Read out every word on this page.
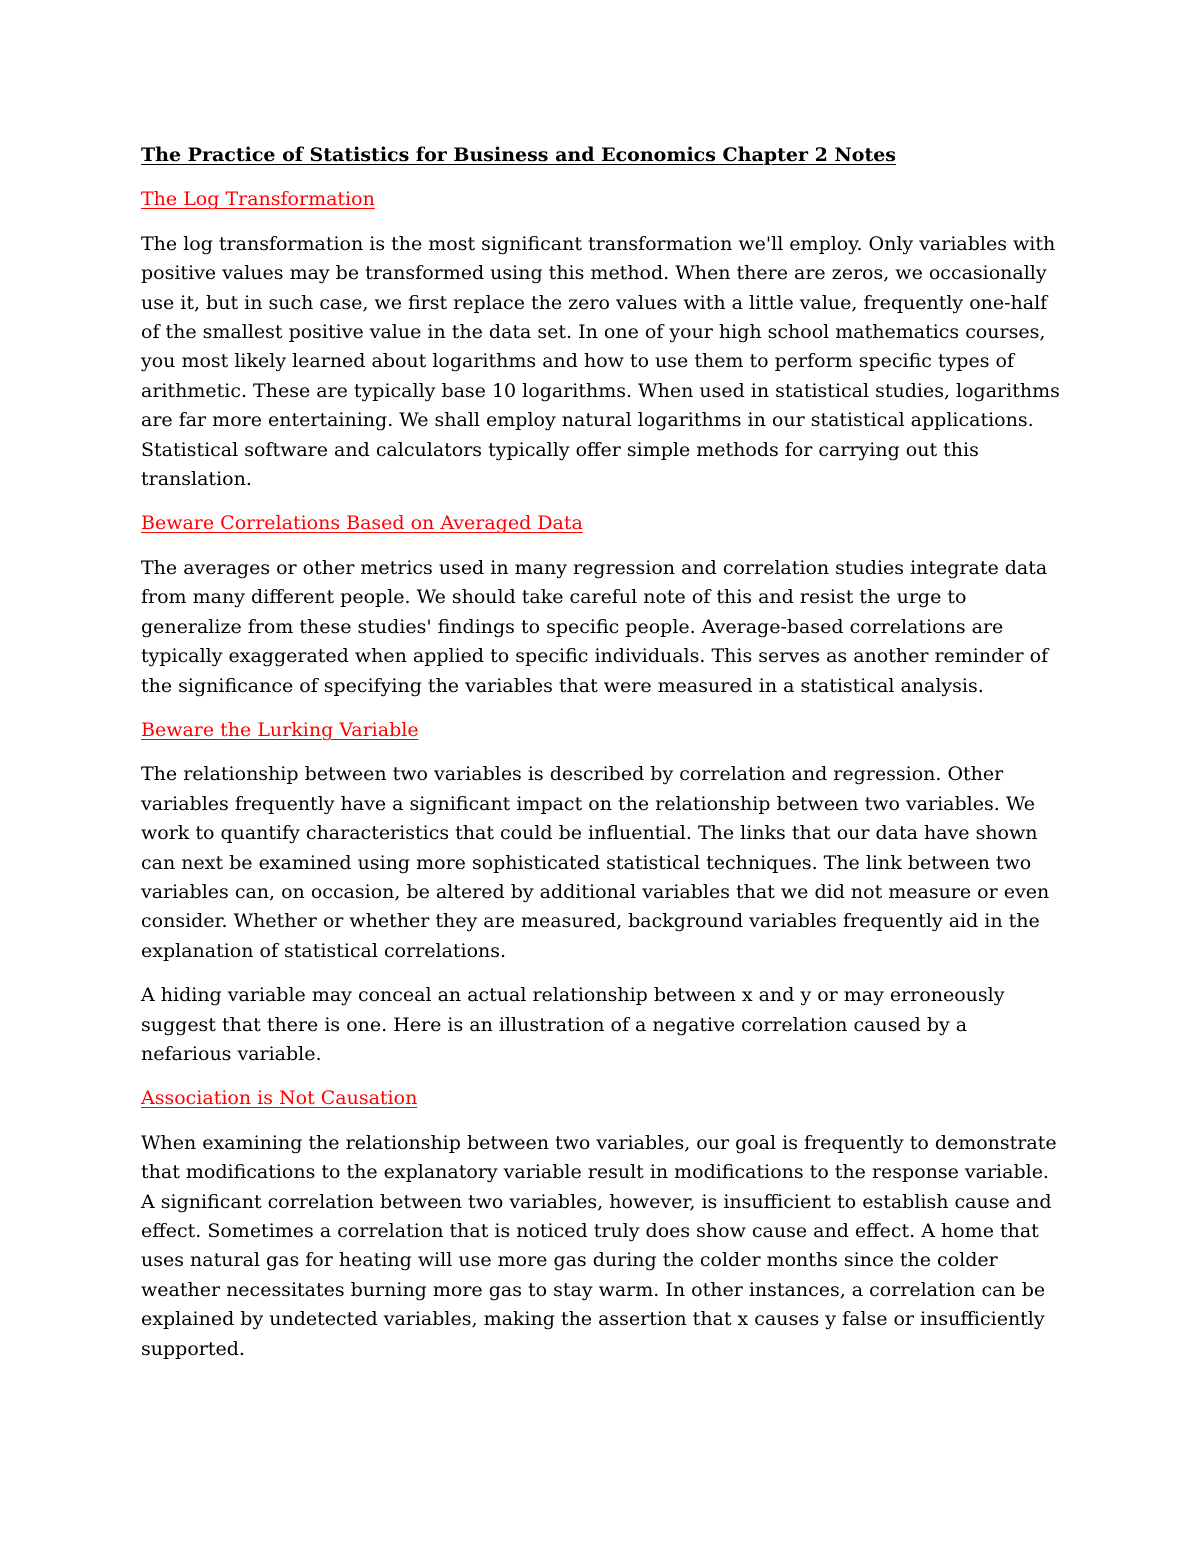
The Practice of Statistics for Business and Economics Chapter 2 Notes

The Log Transformation

The log transformation is the most significant transformation we'll employ. Only variables with positive values may be transformed using this method. When there are zeros, we occasionally use it, but in such case, we first replace the zero values with a little value, frequently one-half of the smallest positive value in the data set. In one of your high school mathematics courses, you most likely learned about logarithms and how to use them to perform specific types of arithmetic. These are typically base 10 logarithms. When used in statistical studies, logarithms are far more entertaining. We shall employ natural logarithms in our statistical applications. Statistical software and calculators typically offer simple methods for carrying out this translation.

Beware Correlations Based on Averaged Data

The averages or other metrics used in many regression and correlation studies integrate data from many different people. We should take careful note of this and resist the urge to generalize from these studies' findings to specific people. Average-based correlations are typically exaggerated when applied to specific individuals. This serves as another reminder of the significance of specifying the variables that were measured in a statistical analysis.

Beware the Lurking Variable

The relationship between two variables is described by correlation and regression. Other variables frequently have a significant impact on the relationship between two variables. We work to quantify characteristics that could be influential. The links that our data have shown can next be examined using more sophisticated statistical techniques. The link between two variables can, on occasion, be altered by additional variables that we did not measure or even consider. Whether or whether they are measured, background variables frequently aid in the explanation of statistical correlations.

A hiding variable may conceal an actual relationship between x and y or may erroneously suggest that there is one. Here is an illustration of a negative correlation caused by a nefarious variable.

Association is Not Causation

When examining the relationship between two variables, our goal is frequently to demonstrate that modifications to the explanatory variable result in modifications to the response variable. A significant correlation between two variables, however, is insufficient to establish cause and effect. Sometimes a correlation that is noticed truly does show cause and effect. A home that uses natural gas for heating will use more gas during the colder months since the colder weather necessitates burning more gas to stay warm. In other instances, a correlation can be explained by undetected variables, making the assertion that x causes y false or insufficiently supported.
